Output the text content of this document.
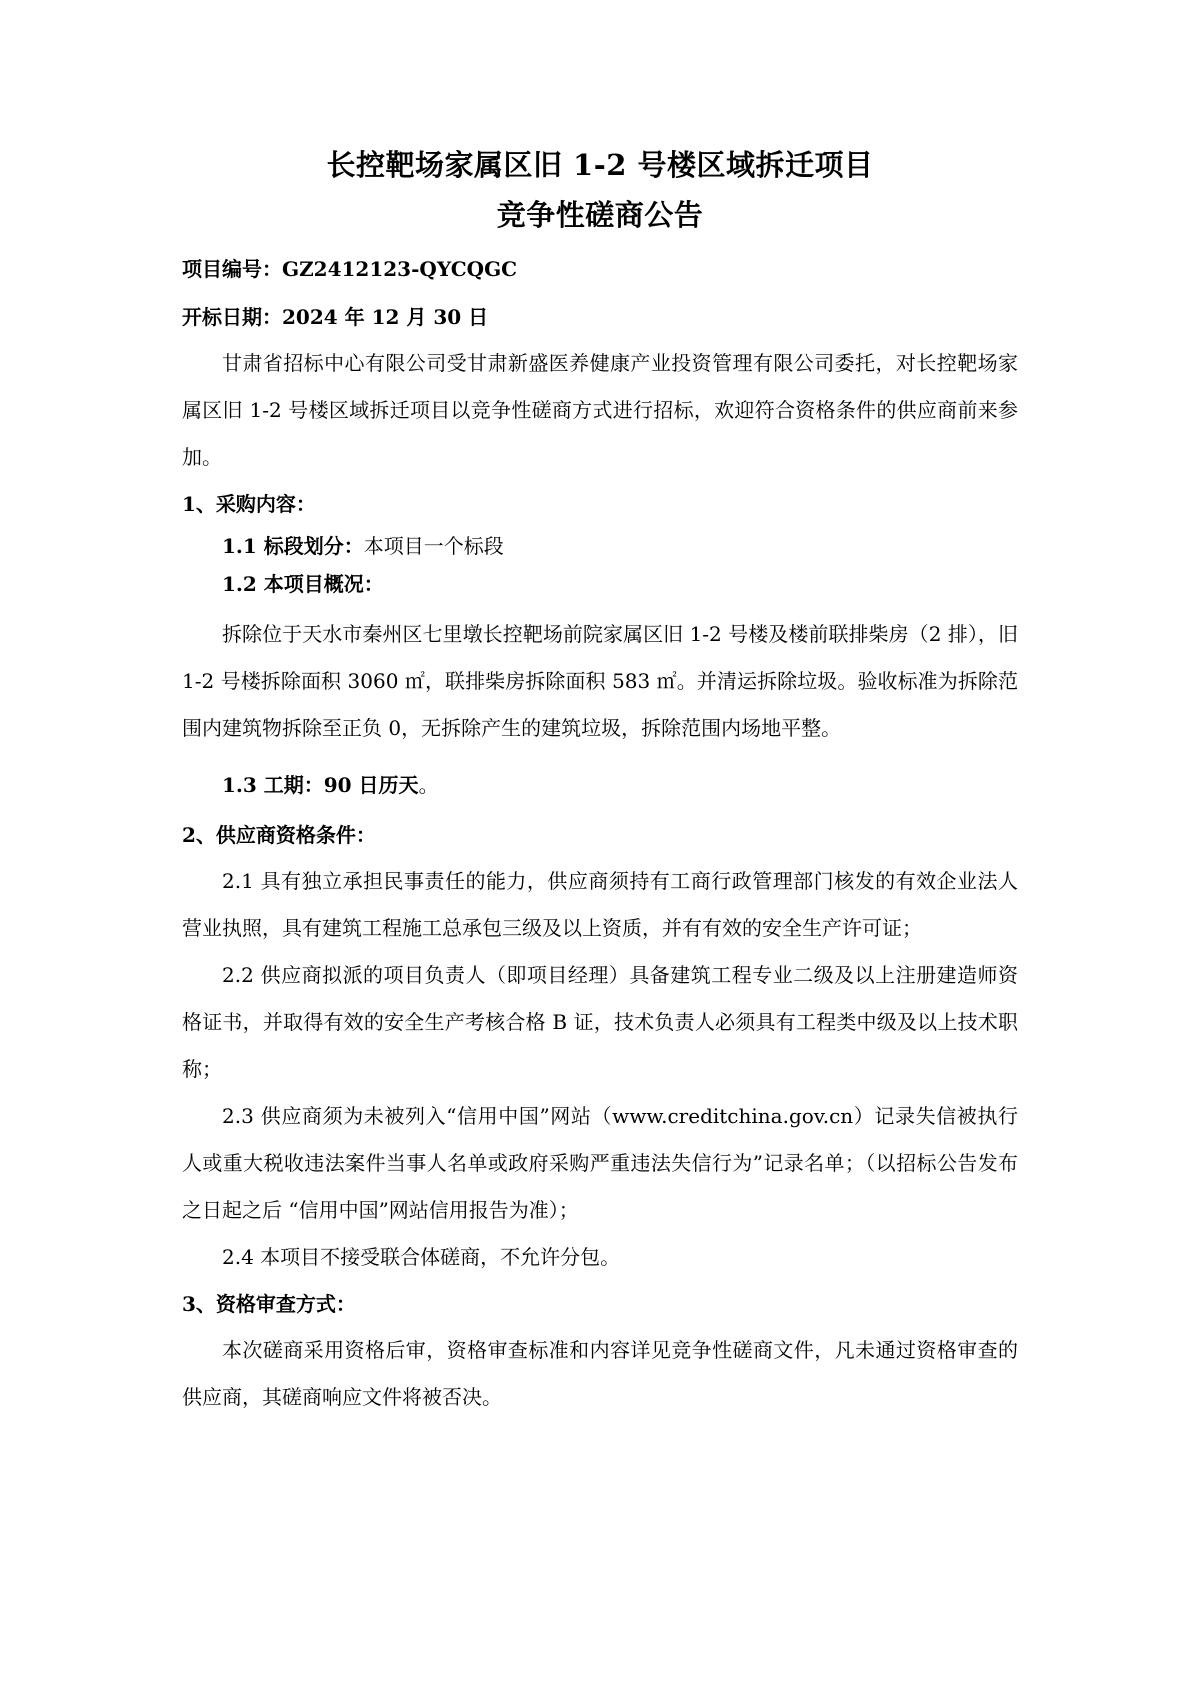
长控靶场家属区旧 1-2 号楼区域拆迁项目
竞争性磋商公告
项目编号：GZ2412123-QYCQGC
开标日期：2024 年 12 月 30 日

甘肃省招标中心有限公司受甘肃新盛医养健康产业投资管理有限公司委托，对长控靶场家属区旧 1-2 号楼区域拆迁项目以竞争性磋商方式进行招标，欢迎符合资格条件的供应商前来参加。

1、采购内容：

1.1 标段划分：本项目一个标段

1.2 本项目概况：

拆除位于天水市秦州区七里墩长控靶场前院家属区旧 1-2 号楼及楼前联排柴房（2 排），旧 1-2 号楼拆除面积 3060 ㎡，联排柴房拆除面积 583 ㎡。并清运拆除垃圾。验收标准为拆除范围内建筑物拆除至正负 0，无拆除产生的建筑垃圾，拆除范围内场地平整。

1.3 工期：90 日历天。

2、供应商资格条件：

2.1 具有独立承担民事责任的能力，供应商须持有工商行政管理部门核发的有效企业法人营业执照，具有建筑工程施工总承包三级及以上资质，并有有效的安全生产许可证；

2.2 供应商拟派的项目负责人（即项目经理）具备建筑工程专业二级及以上注册建造师资格证书，并取得有效的安全生产考核合格 B 证，技术负责人必须具有工程类中级及以上技术职称；

2.3 供应商须为未被列入“信用中国”网站（www.creditchina.gov.cn）记录失信被执行人或重大税收违法案件当事人名单或政府采购严重违法失信行为”记录名单；（以招标公告发布之日起之后 “信用中国”网站信用报告为准）；

2.4 本项目不接受联合体磋商，不允许分包。

3、资格审查方式：

本次磋商采用资格后审，资格审查标准和内容详见竞争性磋商文件，凡未通过资格审查的供应商，其磋商响应文件将被否决。
